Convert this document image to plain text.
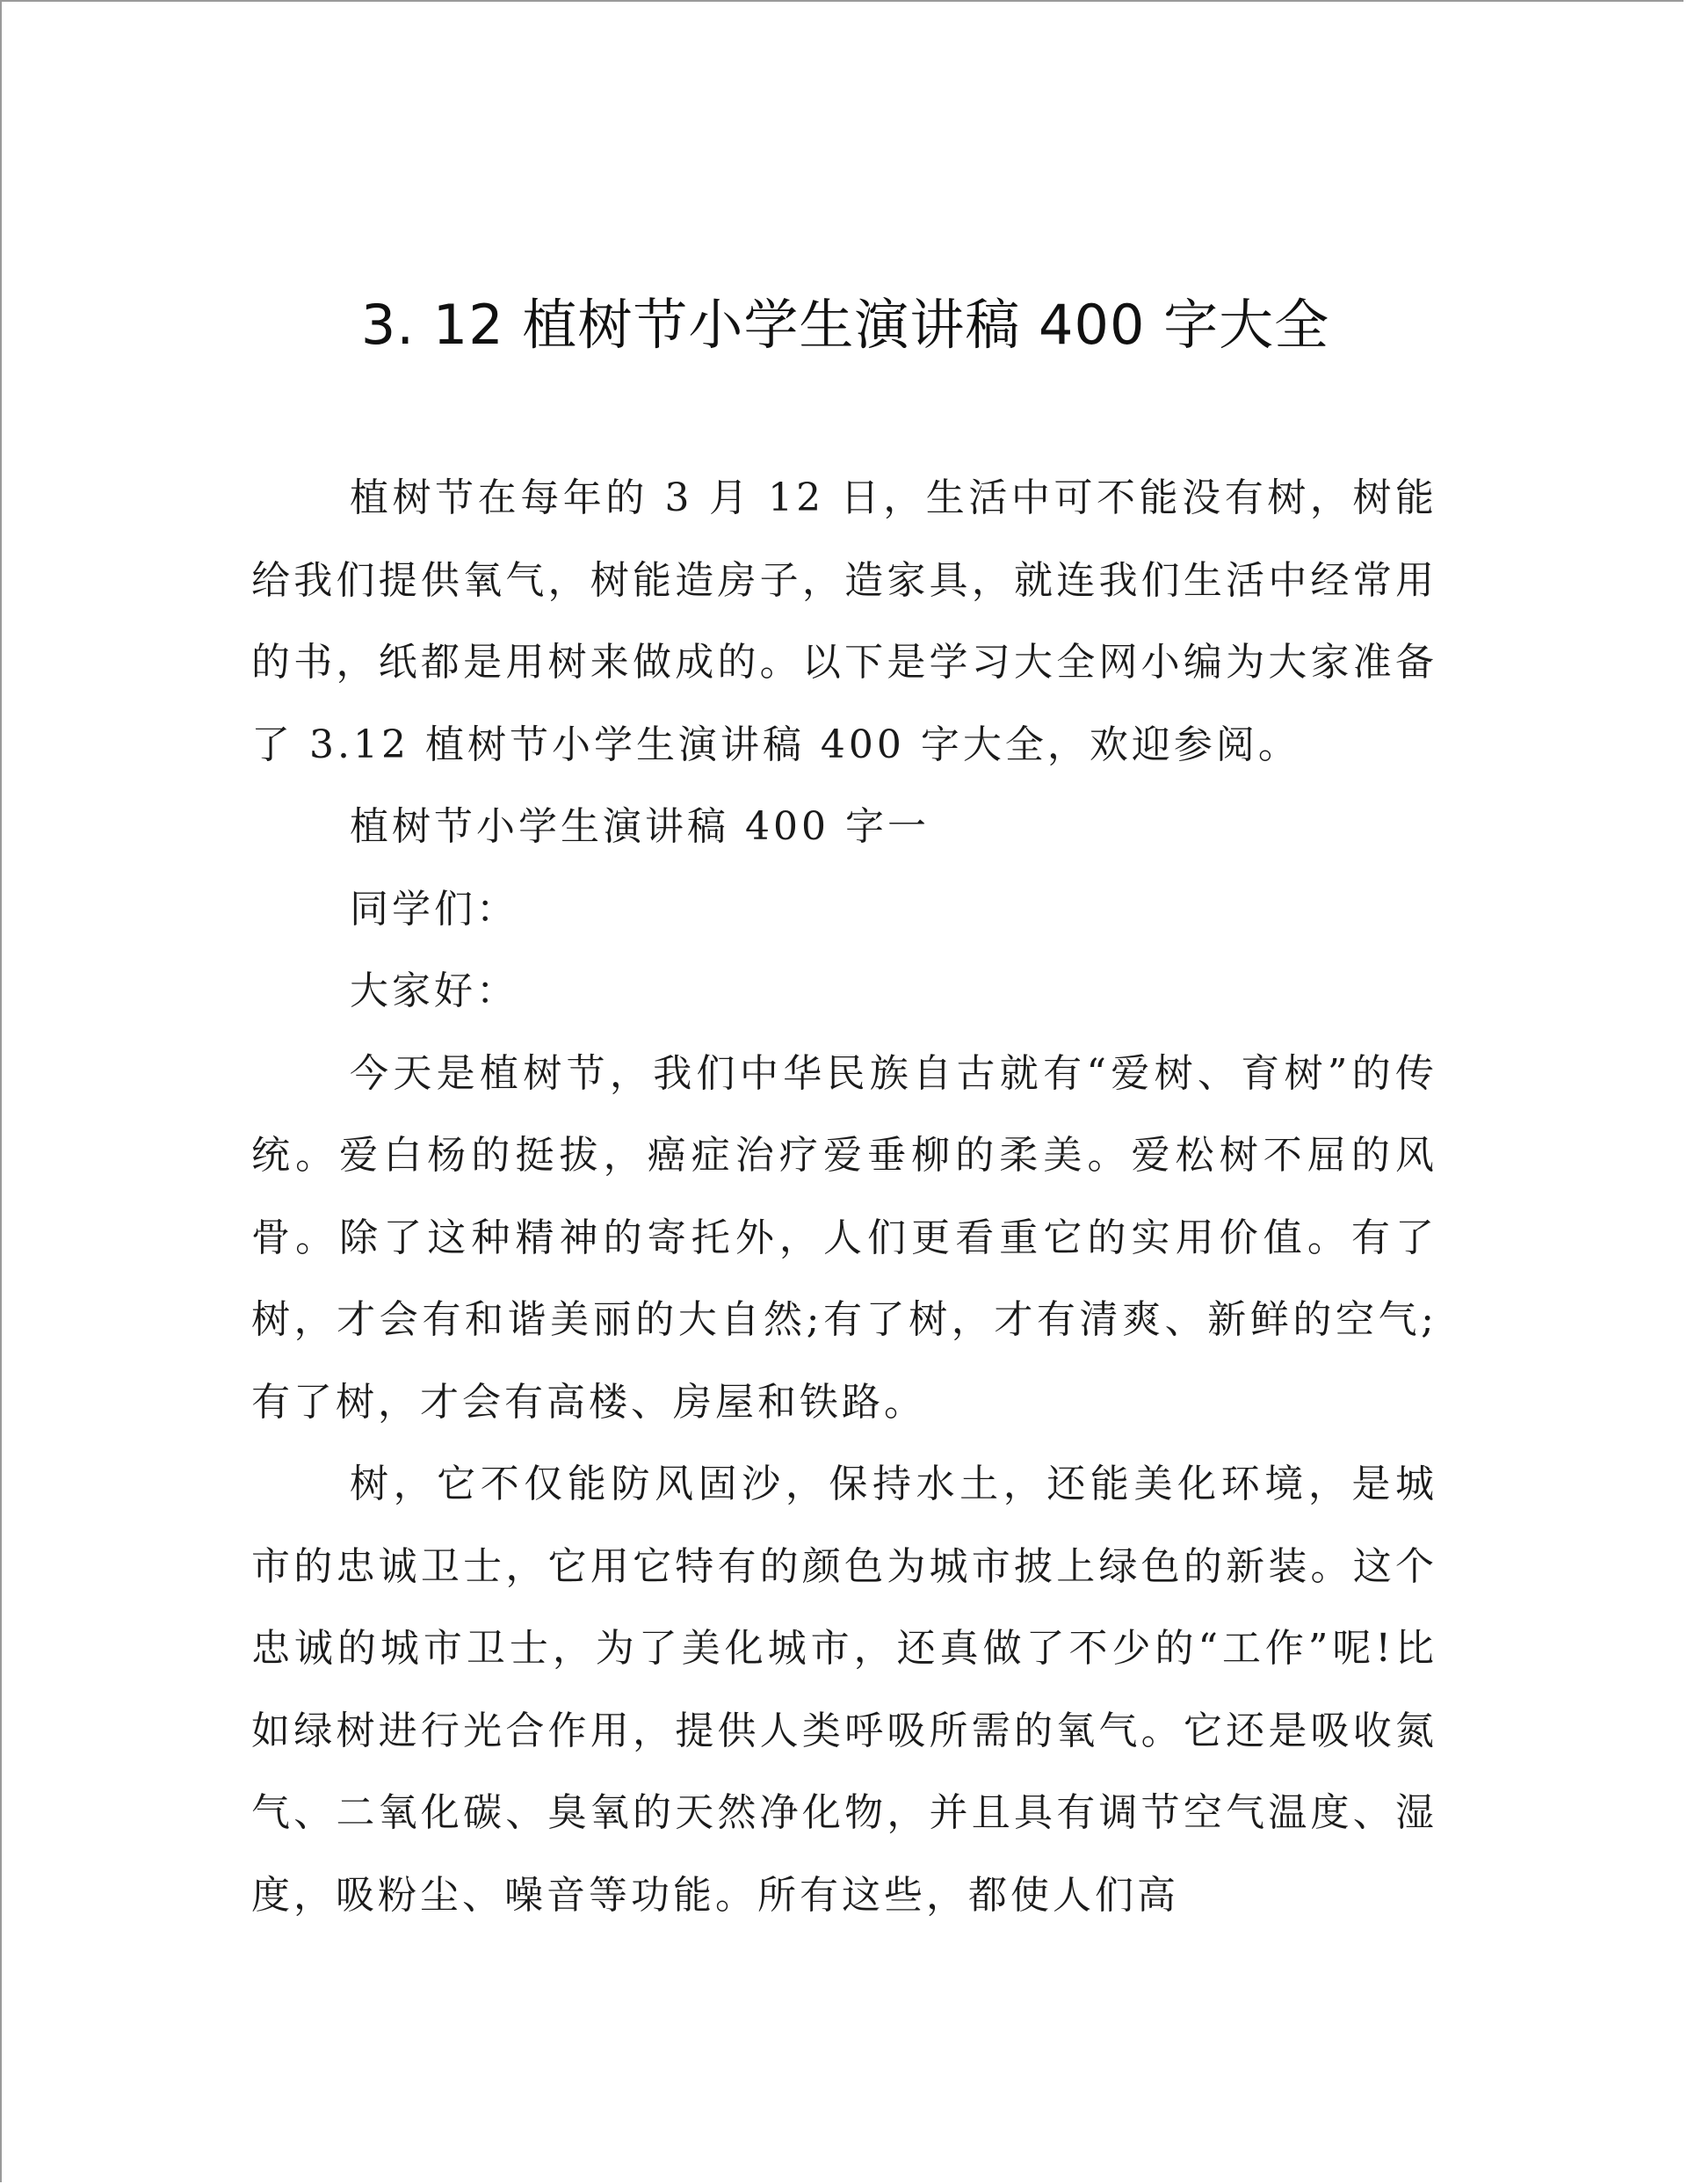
3. 12 植树节小学生演讲稿 400 字大全

植树节在每年的 3 月 12 日，生活中可不能没有树，树能给我们提供氧气，树能造房子，造家具，就连我们生活中经常用的书，纸都是用树来做成的。以下是学习大全网小编为大家准备了 3.12 植树节小学生演讲稿 400 字大全，欢迎参阅。

植树节小学生演讲稿 400 字一

同学们：

大家好：

今天是植树节，我们中华民族自古就有“爱树、育树”的传统。爱白杨的挺拔，癌症治疗爱垂柳的柔美。爱松树不屈的风骨。除了这种精神的寄托外，人们更看重它的实用价值。有了树，才会有和谐美丽的大自然;有了树，才有清爽、新鲜的空气;有了树，才会有高楼、房屋和铁路。

树，它不仅能防风固沙，保持水土，还能美化环境，是城市的忠诚卫士，它用它特有的颜色为城市披上绿色的新装。这个忠诚的城市卫士，为了美化城市，还真做了不少的“工作”呢!比如绿树进行光合作用，提供人类呼吸所需的氧气。它还是吸收氮气、二氧化碳、臭氧的天然净化物，并且具有调节空气温度、湿度，吸粉尘、噪音等功能。所有这些，都使人们高
